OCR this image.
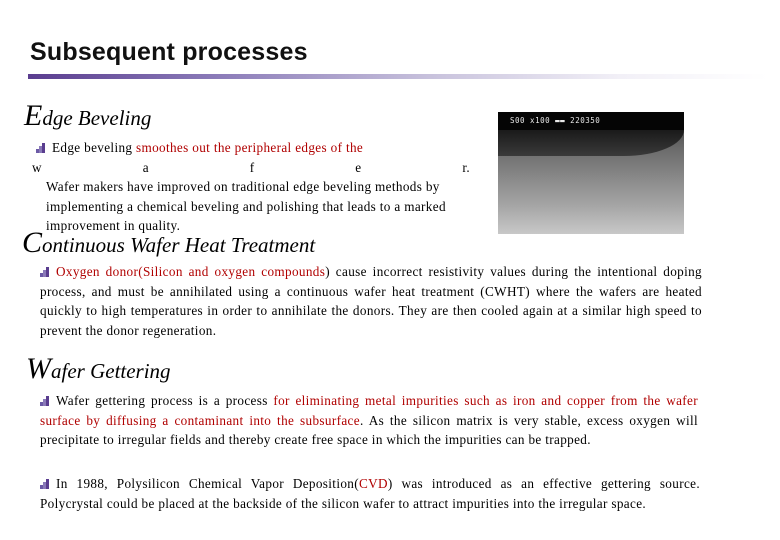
Subsequent processes
Edge Beveling	S00 x100 ▬▬ 220350
Edge beveling smoothes out the peripheral edges of the
w	a	f	e	r.
Wafer makers have improved on traditional edge beveling methods by implementing a chemical beveling and polishing that leads to a marked improvement in quality.
Continuous Wafer Heat Treatment
Oxygen donor(Silicon and oxygen compounds) cause incorrect resistivity values during the intentional doping process, and must be annihilated using a continuous wafer heat treatment (CWHT) where the wafers are heated quickly to high temperatures in order to annihilate the donors. They are then cooled again at a similar high speed to prevent the donor regeneration.
Wafer Gettering
Wafer gettering process is a process for eliminating metal impurities such as iron and copper from the wafer surface by diffusing a contaminant into the subsurface. As the silicon matrix is very stable, excess oxygen will precipitate to irregular fields and thereby create free space in which the impurities can be trapped.
In 1988, Polysilicon Chemical Vapor Deposition(CVD) was introduced as an effective gettering source. Polycrystal could be placed at the backside of the silicon wafer to attract impurities into the irregular space.
